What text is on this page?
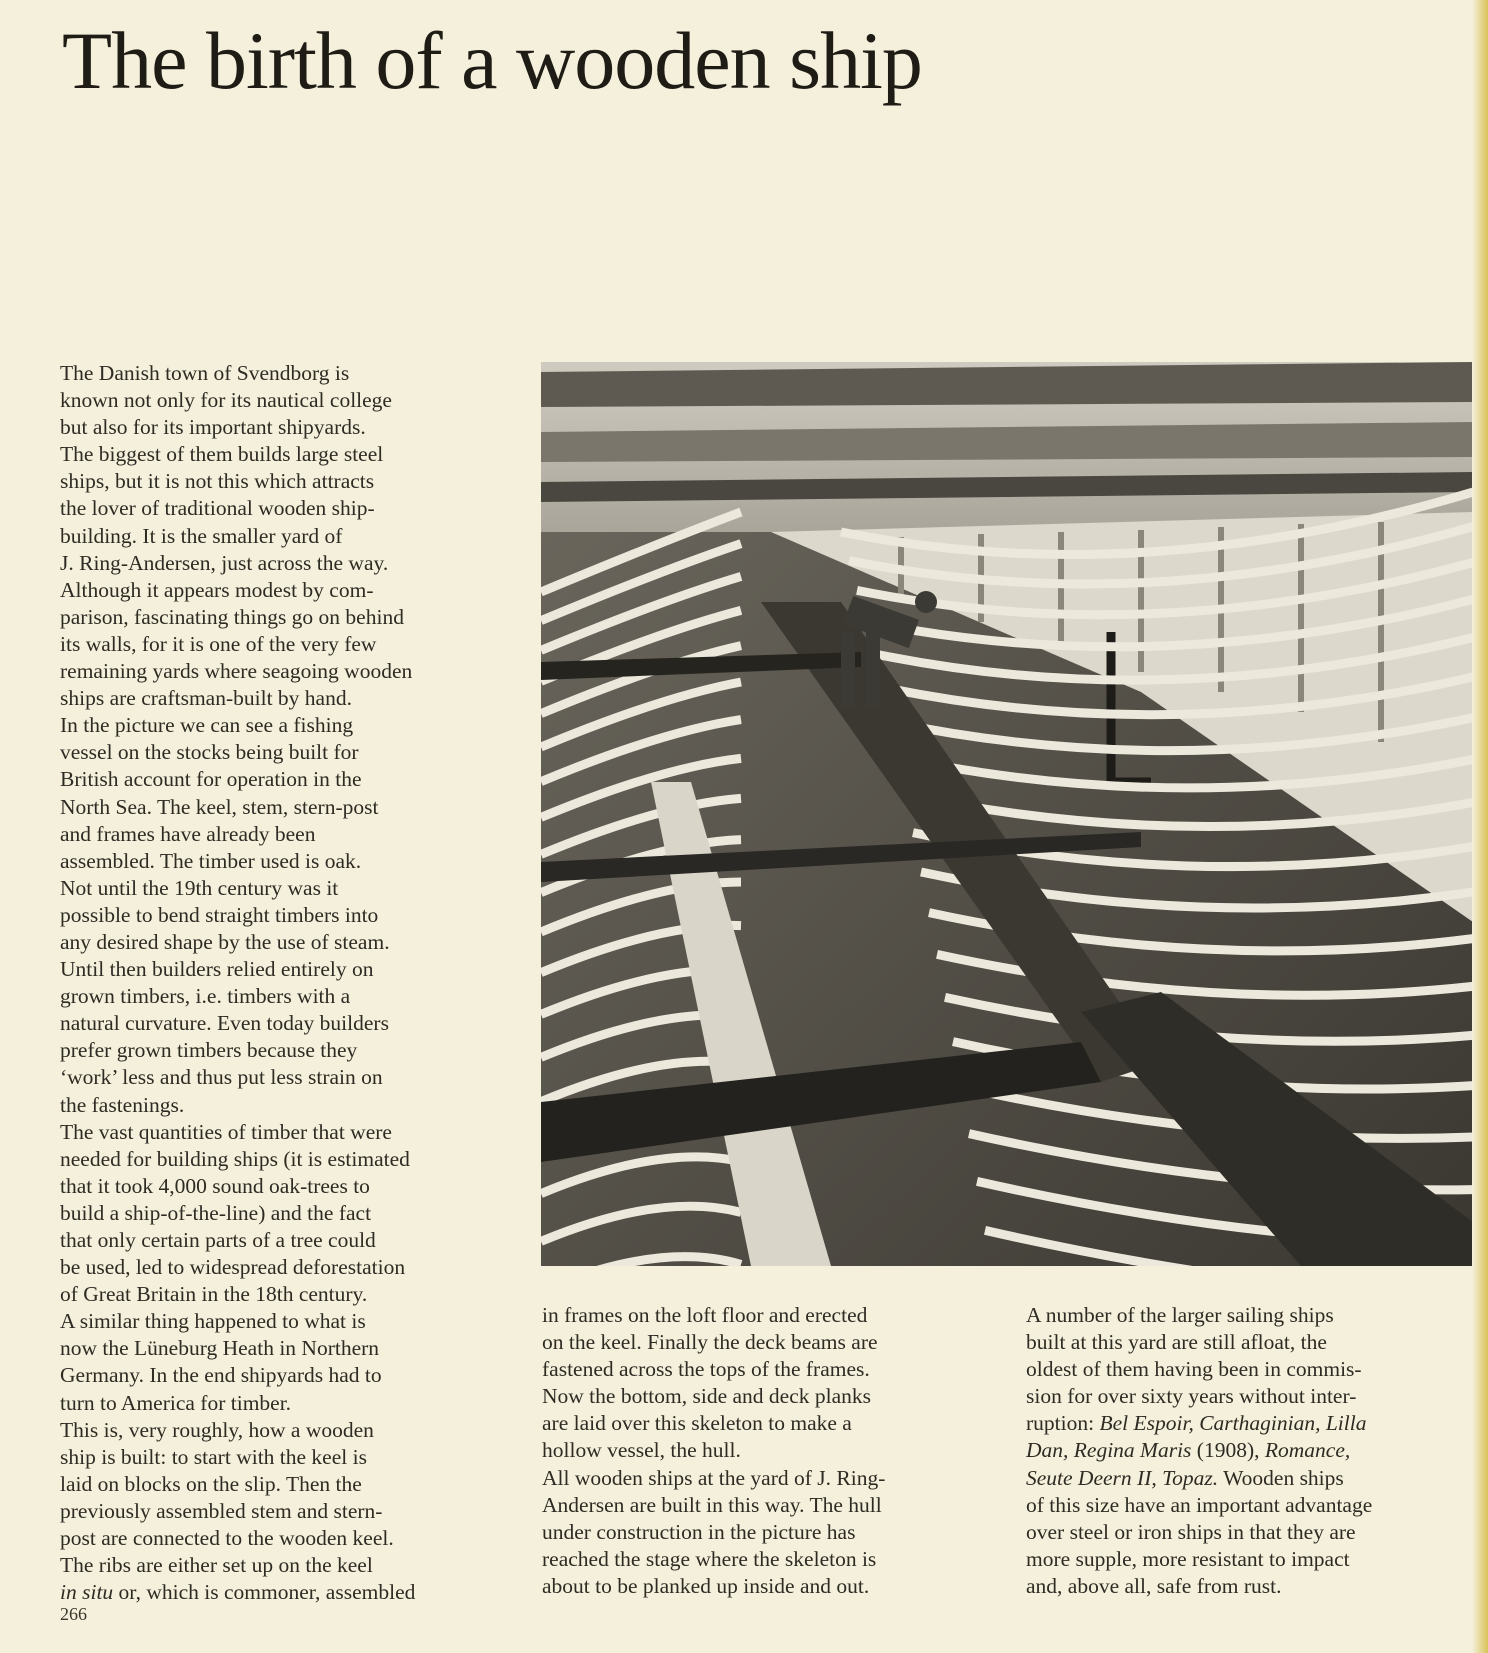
The birth of a wooden ship

The Danish town of Svendborg is

known not only for its nautical college

but also for its important shipyards.

The biggest of them builds large steel

ships, but it is not this which attracts

the lover of traditional wooden ship-

building. It is the smaller yard of

J. Ring-Andersen, just across the way.

Although it appears modest by com-

parison, fascinating things go on behind

its walls, for it is one of the very few

remaining yards where seagoing wooden

ships are craftsman-built by hand.

In the picture we can see a fishing

vessel on the stocks being built for

British account for operation in the

North Sea. The keel, stem, stern-post

and frames have already been

assembled. The timber used is oak.

Not until the 19th century was it

possible to bend straight timbers into

any desired shape by the use of steam.

Until then builders relied entirely on

grown timbers, i.e. timbers with a

natural curvature. Even today builders

prefer grown timbers because they

‘work’ less and thus put less strain on

the fastenings.

The vast quantities of timber that were

needed for building ships (it is estimated

that it took 4,000 sound oak-trees to

build a ship-of-the-line) and the fact

that only certain parts of a tree could

be used, led to widespread deforestation

of Great Britain in the 18th century.

A similar thing happened to what is

now the Lüneburg Heath in Northern

Germany. In the end shipyards had to

turn to America for timber.

This is, very roughly, how a wooden

ship is built: to start with the keel is

laid on blocks on the slip. Then the

previously assembled stem and stern-

post are connected to the wooden keel.

The ribs are either set up on the keel

in situ or, which is commoner, assembled

in frames on the loft floor and erected

on the keel. Finally the deck beams are

fastened across the tops of the frames.

Now the bottom, side and deck planks

are laid over this skeleton to make a

hollow vessel, the hull.

All wooden ships at the yard of J. Ring-

Andersen are built in this way. The hull

under construction in the picture has

reached the stage where the skeleton is

about to be planked up inside and out.

A number of the larger sailing ships

built at this yard are still afloat, the

oldest of them having been in commis-

sion for over sixty years without inter-

ruption: Bel Espoir, Carthaginian, Lilla

Dan, Regina Maris (1908), Romance,

Seute Deern II, Topaz. Wooden ships

of this size have an important advantage

over steel or iron ships in that they are

more supple, more resistant to impact

and, above all, safe from rust.

266
